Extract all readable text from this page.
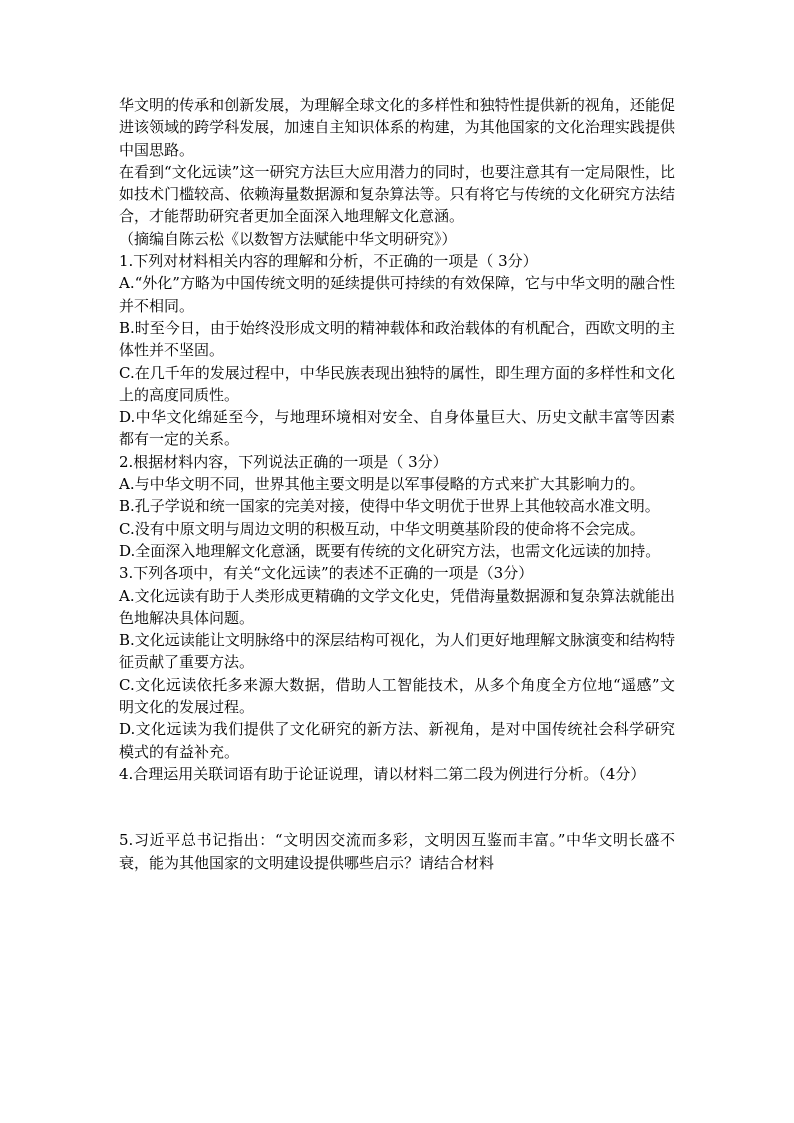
华文明的传承和创新发展，为理解全球文化的多样性和独特性提供新的视角，还能促进该领域的跨学科发展，加速自主知识体系的构建，为其他国家的文化治理实践提供中国思路。

在看到“文化远读”这一研究方法巨大应用潜力的同时，也要注意其有一定局限性，比如技术门槛较高、依赖海量数据源和复杂算法等。只有将它与传统的文化研究方法结合，才能帮助研究者更加全面深入地理解文化意涵。

（摘编自陈云松《以数智方法赋能中华文明研究》）

1.下列对材料相关内容的理解和分析，不正确的一项是（ 3分）

A.“外化”方略为中国传统文明的延续提供可持续的有效保障，它与中华文明的融合性并不相同。

B.时至今日，由于始终没形成文明的精神载体和政治载体的有机配合，西欧文明的主体性并不坚固。

C.在几千年的发展过程中，中华民族表现出独特的属性，即生理方面的多样性和文化上的高度同质性。

D.中华文化绵延至今，与地理环境相对安全、自身体量巨大、历史文献丰富等因素都有一定的关系。

2.根据材料内容，下列说法正确的一项是（ 3分）

A.与中华文明不同，世界其他主要文明是以军事侵略的方式来扩大其影响力的。

B.孔子学说和统一国家的完美对接，使得中华文明优于世界上其他较高水准文明。

C.没有中原文明与周边文明的积极互动，中华文明奠基阶段的使命将不会完成。

D.全面深入地理解文化意涵，既要有传统的文化研究方法，也需文化远读的加持。

3.下列各项中，有关“文化远读”的表述不正确的一项是（3分）

A.文化远读有助于人类形成更精确的文学文化史，凭借海量数据源和复杂算法就能出色地解决具体问题。

B.文化远读能让文明脉络中的深层结构可视化，为人们更好地理解文脉演变和结构特征贡献了重要方法。

C.文化远读依托多来源大数据，借助人工智能技术，从多个角度全方位地“遥感”文明文化的发展过程。

D.文化远读为我们提供了文化研究的新方法、新视角，是对中国传统社会科学研究模式的有益补充。

4.合理运用关联词语有助于论证说理，请以材料二第二段为例进行分析。（4分）

5.习近平总书记指出：“文明因交流而多彩，文明因互鉴而丰富。”中华文明长盛不衰，能为其他国家的文明建设提供哪些启示？请结合材料
